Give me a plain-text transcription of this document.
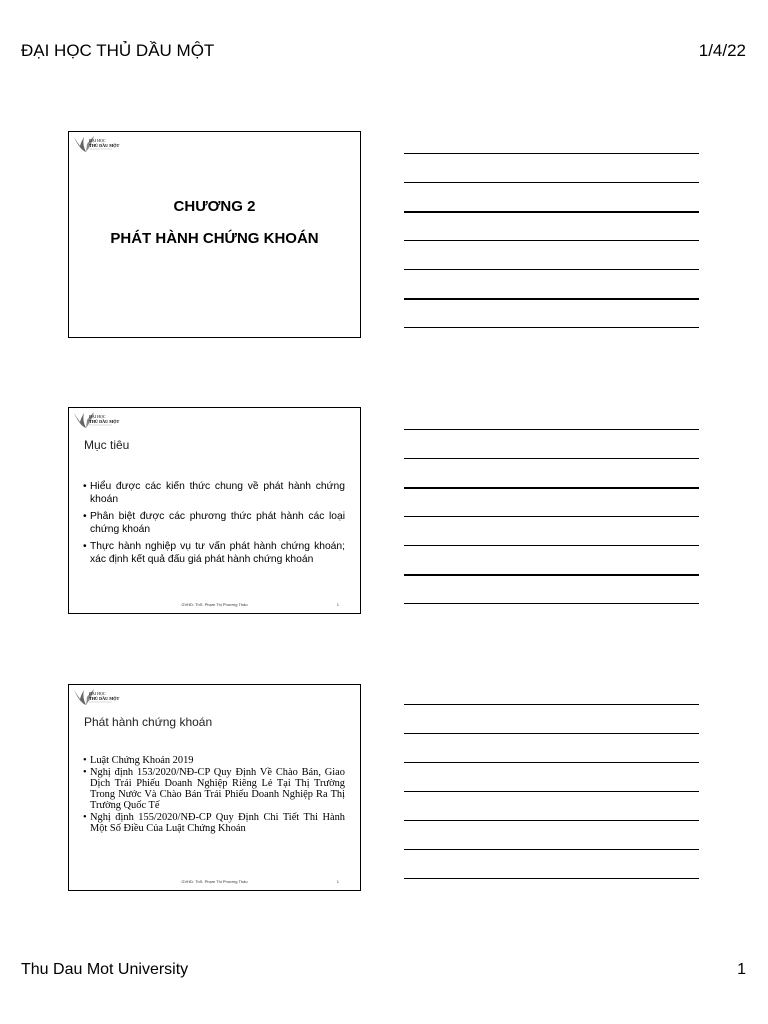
ĐẠI HỌC THỦ DẦU MỘT	1/4/22
ĐẠI HỌC
THỦ DẦU MỘT
CHƯƠNG 2
PHÁT HÀNH CHỨNG KHOÁN
ĐẠI HỌC
THỦ DẦU MỘT
Mục tiêu
• Hiểu được các kiến thức chung về phát hành chứng khoán
• Phân biệt được các phương thức phát hành các loại chứng khoán
• Thực hành nghiệp vụ tư vấn phát hành chứng khoán; xác định kết quả đấu giá phát hành chứng khoán
GVHD: ThS. Phạm Thị Phương Thảo	1
ĐẠI HỌC
THỦ DẦU MỘT
Phát hành chứng khoán
• Luật Chứng Khoán 2019
• Nghị định 153/2020/NĐ-CP Quy Định Về Chào Bán, Giao Dịch Trái Phiếu Doanh Nghiệp Riêng Lẻ Tại Thị Trường Trong Nước Và Chào Bán Trái Phiếu Doanh Nghiệp Ra Thị Trường Quốc Tế
• Nghị định 155/2020/NĐ-CP Quy Định Chi Tiết Thi Hành Một Số Điều Của Luật Chứng Khoán
GVHD: ThS. Phạm Thị Phương Thảo	1
Thu Dau Mot University	1
